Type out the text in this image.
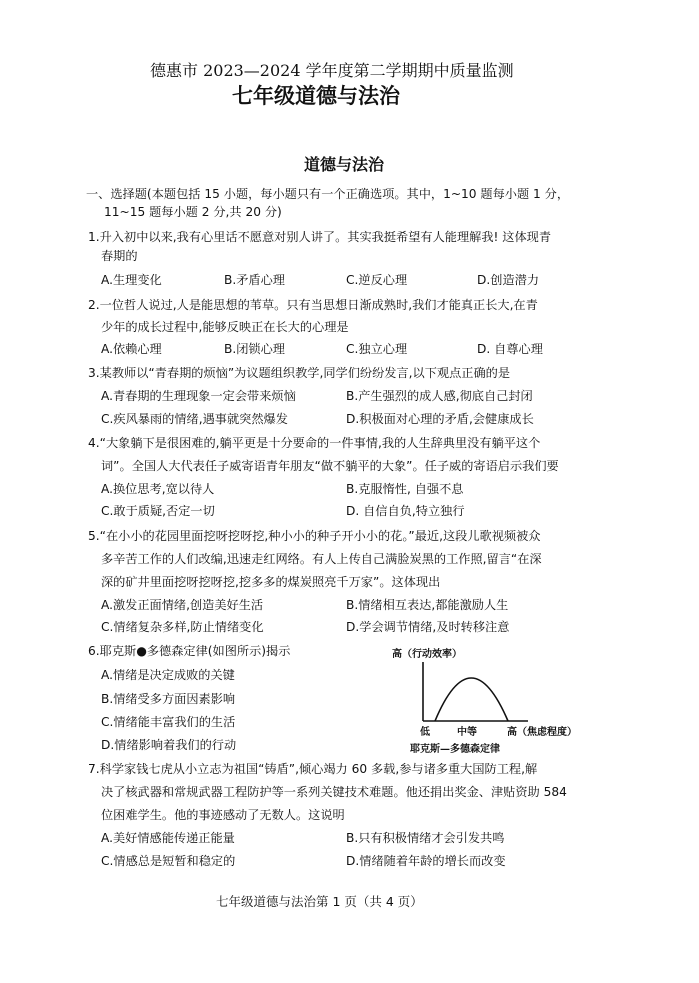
德惠市 2023—2024 学年度第二学期期中质量监测
七年级道德与法治
道德与法治
一、选择题(本题包括 15 小题，每小题只有一个正确选项。其中，1~10 题每小题 1 分，
11~15 题每小题 2 分,共 20 分)
1.升入初中以来,我有心里话不愿意对别人讲了。其实我挺希望有人能理解我! 这体现青
春期的
A.生理变化	B.矛盾心理	C.逆反心理	D.创造潜力
2.一位哲人说过,人是能思想的苇草。只有当思想日渐成熟时,我们才能真正长大,在青
少年的成长过程中,能够反映正在长大的心理是
A.依赖心理	B.闭锁心理	C.独立心理	D. 自尊心理
3.某教师以“青春期的烦恼”为议题组织教学,同学们纷纷发言,以下观点正确的是
A.青春期的生理现象一定会带来烦恼	B.产生强烈的成人感,彻底自己封闭
C.疾风暴雨的情绪,遇事就突然爆发	D.积极面对心理的矛盾,会健康成长
4.“大象躺下是很困难的,躺平更是十分要命的一件事情,我的人生辞典里没有躺平这个
词”。全国人大代表任子威寄语青年朋友“做不躺平的大象”。任子威的寄语启示我们要
A.换位思考,宽以待人	B.克服惰性, 自强不息
C.敢于质疑,否定一切	D. 自信自负,特立独行
5.“在小小的花园里面挖呀挖呀挖,种小小的种子开小小的花。”最近,这段儿歌视频被众
多辛苦工作的人们改编,迅速走红网络。有人上传自己满脸炭黑的工作照,留言“在深
深的矿井里面挖呀挖呀挖,挖多多的煤炭照亮千万家”。这体现出
A.激发正面情绪,创造美好生活	B.情绪相互表达,都能激励人生
C.情绪复杂多样,防止情绪变化	D.学会调节情绪,及时转移注意
6.耶克斯●多德森定律(如图所示)揭示
A.情绪是决定成败的关键
B.情绪受多方面因素影响
C.情绪能丰富我们的生活
D.情绪影响着我们的行动
高（行动效率）
低	中等	高（焦虑程度）
耶克斯—多德森定律
7.科学家钱七虎从小立志为祖国“铸盾”,倾心竭力 60 多载,参与诸多重大国防工程,解
决了核武器和常规武器工程防护等一系列关键技术难题。他还捐出奖金、津贴资助 584
位困难学生。他的事迹感动了无数人。这说明
A.美好情感能传递正能量	B.只有积极情绪才会引发共鸣
C.情感总是短暂和稳定的	D.情绪随着年龄的增长而改变
七年级道德与法治第 1 页（共 4 页）
